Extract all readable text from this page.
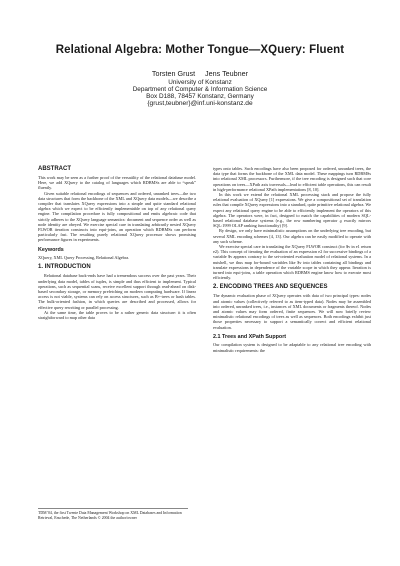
Relational Algebra: Mother Tongue—XQuery: Fluent
Torsten Grust     Jens Teubner
University of Konstanz
Department of Computer & Information Science
Box D188, 78457 Konstanz, Germany
{grust,teubner}@inf.uni-konstanz.de
ABSTRACT

This work may be seen as a further proof of the versatility of the relational database model. Here, we add XQuery to the catalog of languages which RDBMSs are able to “speak” fluently.

Given suitable relational encodings of sequences and ordered, unranked trees—the two data structures that form the backbone of the XML and XQuery data models—we describe a compiler that translates XQuery expressions into a simple and quite standard relational algebra which we expect to be efficiently implementable on top of any relational query engine. The compilation procedure is fully compositional and emits algebraic code that strictly adheres to the XQuery language semantics: document and sequence order as well as node identity are obeyed. We exercise special care in translating arbitrarily nested XQuery FLWOR iteration constructs into equi-joins, an operation which RDBMSs can perform particularly fast. The resulting purely relational XQuery processor shows promising performance figures in experiments.

Keywords

XQuery, XML Query Processing, Relational Algebra.

1. INTRODUCTION

Relational database back-ends have had a tremendous success over the past years. Their underlying data model, tables of tuples, is simple and thus efficient to implement. Typical operations, such as sequential scans, receive excellent support through read-ahead on disk-based secondary storage, or memory prefetching on modern computing hardware. If linear access is not viable, systems can rely on access structures, such as B+-trees or hash tables. The bulk-oriented fashion, in which queries are described and processed, allows for effective query rewriting or parallel processing.

At the same time, the table proves to be a rather generic data structure: it is often straightforward to map other data

TDM’04, the first Twente Data Management Workshop on XML Databases and Information Retrieval, Enschede, The Netherlands © 2004 the author/owner

types onto tables. Such encodings have also been proposed for ordered, unranked trees, the data type that forms the backbone of the XML data model. These mappings turn RDBMSs into relational XML processors. Furthermore, if the tree encoding is designed such that core operations on trees—XPath axis traversals—lead to efficient table operations, this can result in high-performance relational XPath implementations [8, 10].

In this work we extend the relational XML processing stack and propose the fully relational evaluation of XQuery [1] expressions. We give a compositional set of translation rules that compile XQuery expressions into a standard, quite primitive relational algebra. We expect any relational query engine to be able to efficiently implement the operators of this algebra. The operators were, in fact, designed to match the capabilities of modern SQL-based relational database systems (e.g., the row numbering operator ϱ exactly mirrors SQL:1999 OLAP ranking functionality) [9].

By design, we only have minimalistic assumptions on the underlying tree encoding, but several XML encoding schemes [4, 13]. Our algebra can be easily modified to operate with any such scheme.

We exercise special care in translating the XQuery FLWOR construct (for $v in e1 return e2). This concept of iterating the evaluation of an expression e2 for successive bindings of a variable $v appears contrary to the set-oriented evaluation model of relational systems. In a nutshell, we thus map for-bound variables like $v into tables containing all bindings and translate expressions in dependence of the variable scope in which they appear. Iteration is turned into equi-joins, a table operation which RDBMS engine know how to execute most efficiently.

2. ENCODING TREES AND SEQUENCES

The dynamic evaluation phase of XQuery operates with data of two principal types: nodes and atomic values (collectively referred to as item-typed data). Nodes may be assembled into ordered, unranked trees, i.e., instances of XML documents or fragments thereof. Nodes and atomic values may form ordered, finite sequences. We will now briefly review minimalistic relational encodings of trees as well as sequences. Both encodings exhibit just those properties necessary to support a semantically correct and efficient relational evaluation.

2.1 Trees and XPath Support

Our compilation system is designed to be adaptable to any relational tree encoding with minimalistic requirements: the
